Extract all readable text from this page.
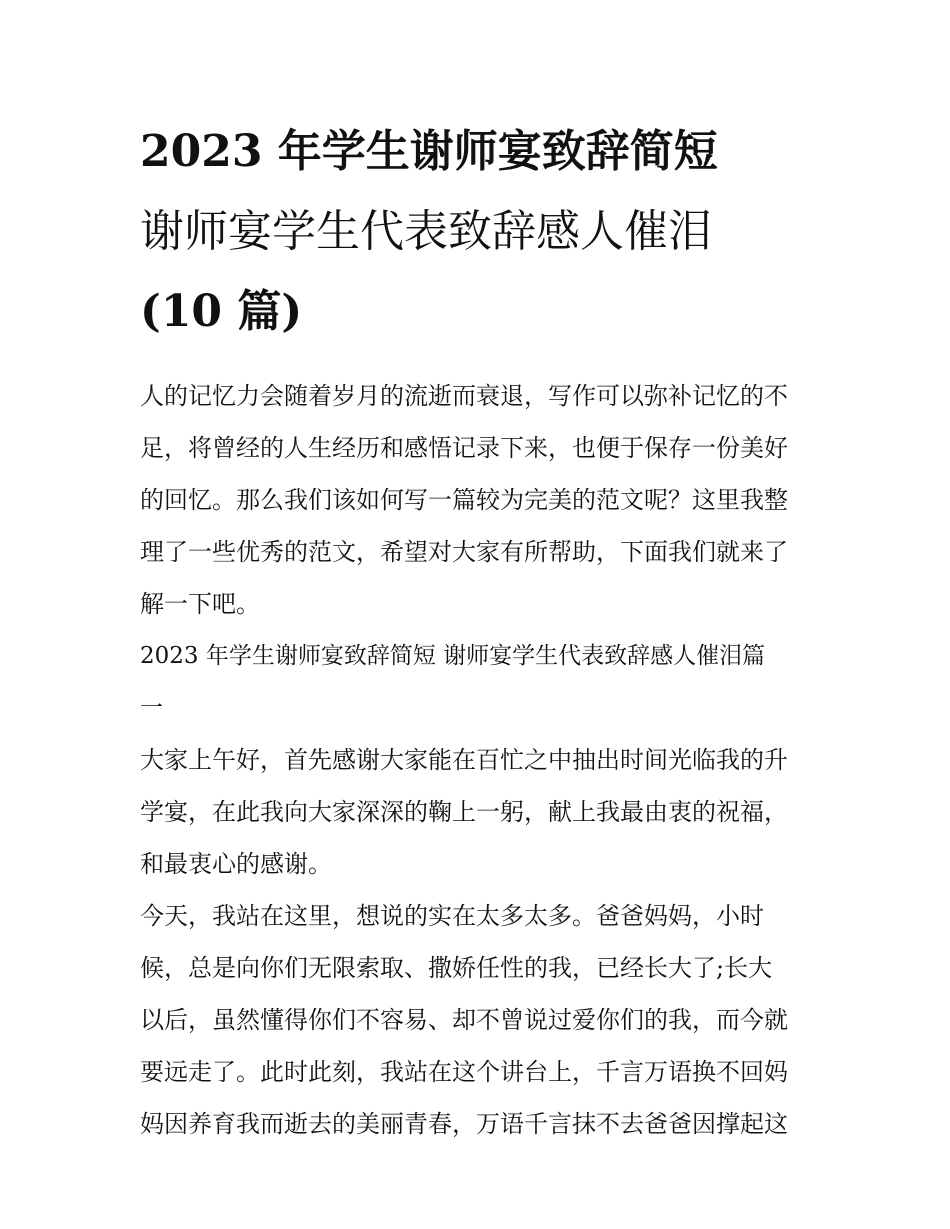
2023 年学生谢师宴致辞简短
谢师宴学生代表致辞感人催泪
(10 篇)

人的记忆力会随着岁月的流逝而衰退，写作可以弥补记忆的不
足，将曾经的人生经历和感悟记录下来，也便于保存一份美好
的回忆。那么我们该如何写一篇较为完美的范文呢？这里我整
理了一些优秀的范文，希望对大家有所帮助，下面我们就来了
解一下吧。

2023 年学生谢师宴致辞简短 谢师宴学生代表致辞感人催泪篇
一

大家上午好，首先感谢大家能在百忙之中抽出时间光临我的升
学宴，在此我向大家深深的鞠上一躬，献上我最由衷的祝福，
和最衷心的感谢。

今天，我站在这里，想说的实在太多太多。爸爸妈妈，小时
候，总是向你们无限索取、撒娇任性的我，已经长大了;长大
以后，虽然懂得你们不容易、却不曾说过爱你们的我，而今就
要远走了。此时此刻，我站在这个讲台上，千言万语换不回妈
妈因养育我而逝去的美丽青春，万语千言抹不去爸爸因撑起这
